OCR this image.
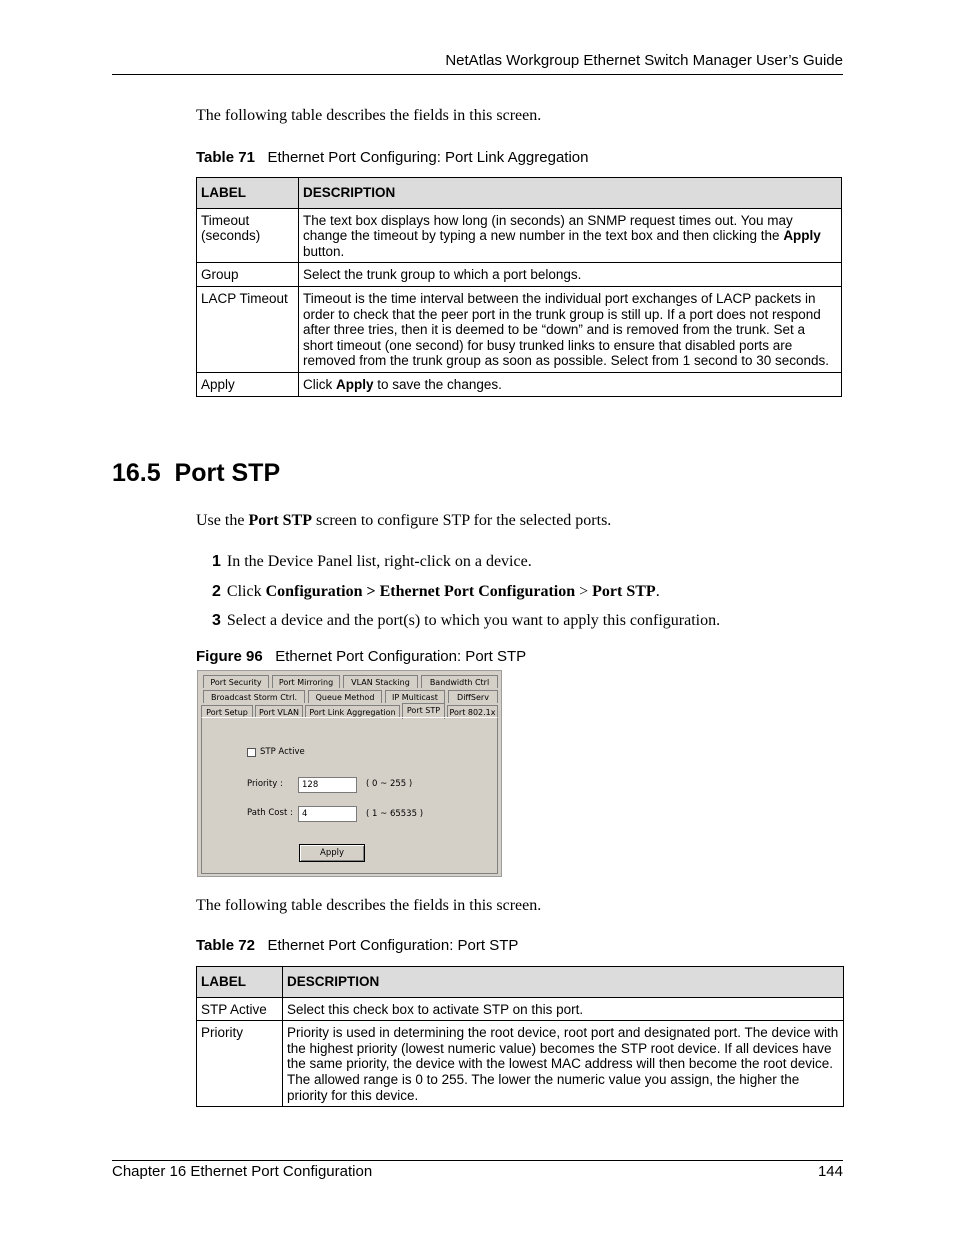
NetAtlas Workgroup Ethernet Switch Manager User’s Guide
The following table describes the fields in this screen.
Table 71 Ethernet Port Configuring: Port Link Aggregation
LABEL	DESCRIPTION
Timeout (seconds)	The text box displays how long (in seconds) an SNMP request times out. You may change the timeout by typing a new number in the text box and then clicking the Apply button.
Group	Select the trunk group to which a port belongs.
LACP Timeout	Timeout is the time interval between the individual port exchanges of LACP packets in order to check that the peer port in the trunk group is still up. If a port does not respond after three tries, then it is deemed to be “down” and is removed from the trunk. Set a short timeout (one second) for busy trunked links to ensure that disabled ports are removed from the trunk group as soon as possible. Select from 1 second to 30 seconds.
Apply	Click Apply to save the changes.
16.5  Port STP
Use the Port STP screen to configure STP for the selected ports.
1 In the Device Panel list, right-click on a device.
2 Click Configuration > Ethernet Port Configuration > Port STP.
3 Select a device and the port(s) to which you want to apply this configuration.
Figure 96 Ethernet Port Configuration: Port STP
Port Security	Port Mirroring	VLAN Stacking	Bandwidth Ctrl
Broadcast Storm Ctrl.	Queue Method	IP Multicast	DiffServ
Port Setup	Port VLAN	Port Link Aggregation	Port STP	Port 802.1x
STP Active
Priority :	128	( 0 ~ 255 )
Path Cost :	4	( 1 ~ 65535 )
Apply
The following table describes the fields in this screen.
Table 72 Ethernet Port Configuration: Port STP
LABEL	DESCRIPTION
STP Active	Select this check box to activate STP on this port.
Priority	Priority is used in determining the root device, root port and designated port. The device with the highest priority (lowest numeric value) becomes the STP root device. If all devices have the same priority, the device with the lowest MAC address will then become the root device. The allowed range is 0 to 255. The lower the numeric value you assign, the higher the priority for this device.
Chapter 16 Ethernet Port Configuration	144
